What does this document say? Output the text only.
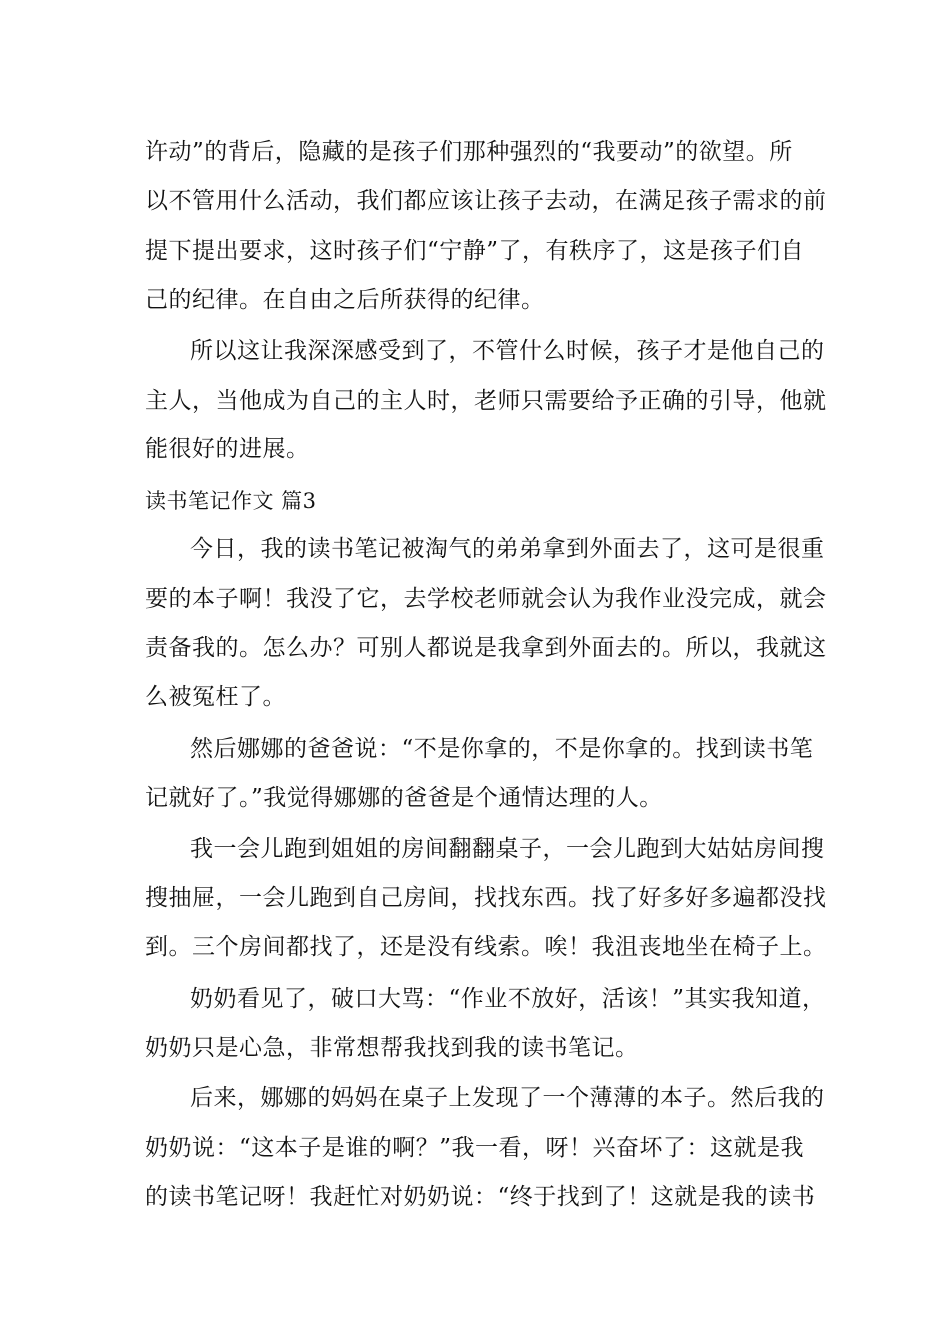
许动”的背后，隐藏的是孩子们那种强烈的“我要动”的欲望。所
以不管用什么活动，我们都应该让孩子去动，在满足孩子需求的前
提下提出要求，这时孩子们“宁静”了，有秩序了，这是孩子们自
己的纪律。在自由之后所获得的纪律。
所以这让我深深感受到了，不管什么时候，孩子才是他自己的
主人，当他成为自己的主人时，老师只需要给予正确的引导，他就
能很好的进展。
读书笔记作文 篇3
今日，我的读书笔记被淘气的弟弟拿到外面去了，这可是很重
要的本子啊！我没了它，去学校老师就会认为我作业没完成，就会
责备我的。怎么办？可别人都说是我拿到外面去的。所以，我就这
么被冤枉了。
然后娜娜的爸爸说：“不是你拿的，不是你拿的。找到读书笔
记就好了。”我觉得娜娜的爸爸是个通情达理的人。
我一会儿跑到姐姐的房间翻翻桌子，一会儿跑到大姑姑房间搜
搜抽屉，一会儿跑到自己房间，找找东西。找了好多好多遍都没找
到。三个房间都找了，还是没有线索。唉！我沮丧地坐在椅子上。
奶奶看见了，破口大骂：“作业不放好，活该！”其实我知道，
奶奶只是心急，非常想帮我找到我的读书笔记。
后来，娜娜的妈妈在桌子上发现了一个薄薄的本子。然后我的
奶奶说：“这本子是谁的啊？”我一看，呀！兴奋坏了：这就是我
的读书笔记呀！我赶忙对奶奶说：“终于找到了！这就是我的读书
